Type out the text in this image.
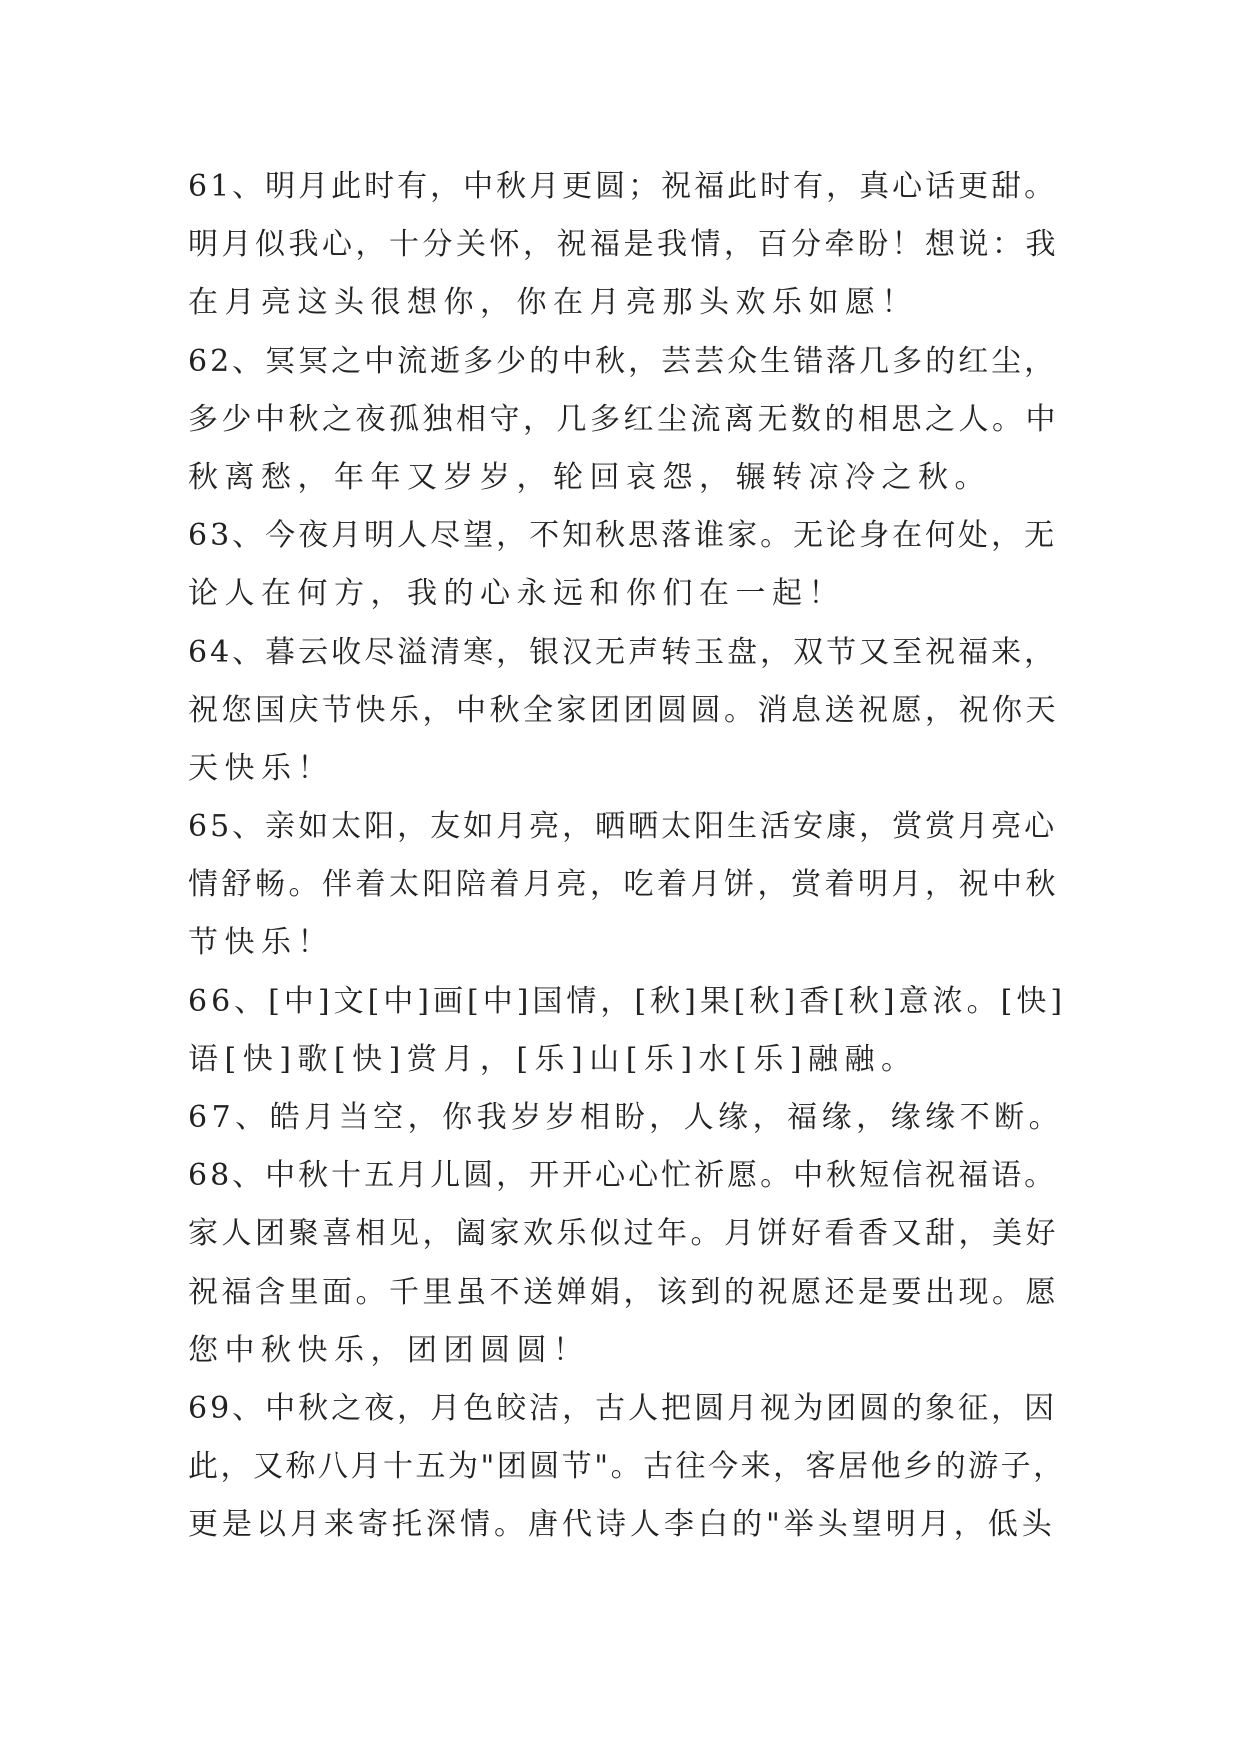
61、明月此时有，中秋月更圆；祝福此时有，真心话更甜。
明月似我心，十分关怀，祝福是我情，百分牵盼！想说：我
在月亮这头很想你，你在月亮那头欢乐如愿！
62、冥冥之中流逝多少的中秋，芸芸众生错落几多的红尘，
多少中秋之夜孤独相守，几多红尘流离无数的相思之人。中
秋离愁，年年又岁岁，轮回哀怨，辗转凉冷之秋。
63、今夜月明人尽望，不知秋思落谁家。无论身在何处，无
论人在何方，我的心永远和你们在一起！
64、暮云收尽溢清寒，银汉无声转玉盘，双节又至祝福来，
祝您国庆节快乐，中秋全家团团圆圆。消息送祝愿，祝你天
天快乐！
65、亲如太阳，友如月亮，晒晒太阳生活安康，赏赏月亮心
情舒畅。伴着太阳陪着月亮，吃着月饼，赏着明月，祝中秋
节快乐！
66、[中]文[中]画[中]国情，[秋]果[秋]香[秋]意浓。[快]
语[快]歌[快]赏月，[乐]山[乐]水[乐]融融。
67、皓月当空，你我岁岁相盼，人缘，福缘，缘缘不断。
68、中秋十五月儿圆，开开心心忙祈愿。中秋短信祝福语。
家人团聚喜相见，阖家欢乐似过年。月饼好看香又甜，美好
祝福含里面。千里虽不送婵娟，该到的祝愿还是要出现。愿
您中秋快乐，团团圆圆！
69、中秋之夜，月色皎洁，古人把圆月视为团圆的象征，因
此，又称八月十五为"团圆节"。古往今来，客居他乡的游子，
更是以月来寄托深情。唐代诗人李白的"举头望明月，低头
